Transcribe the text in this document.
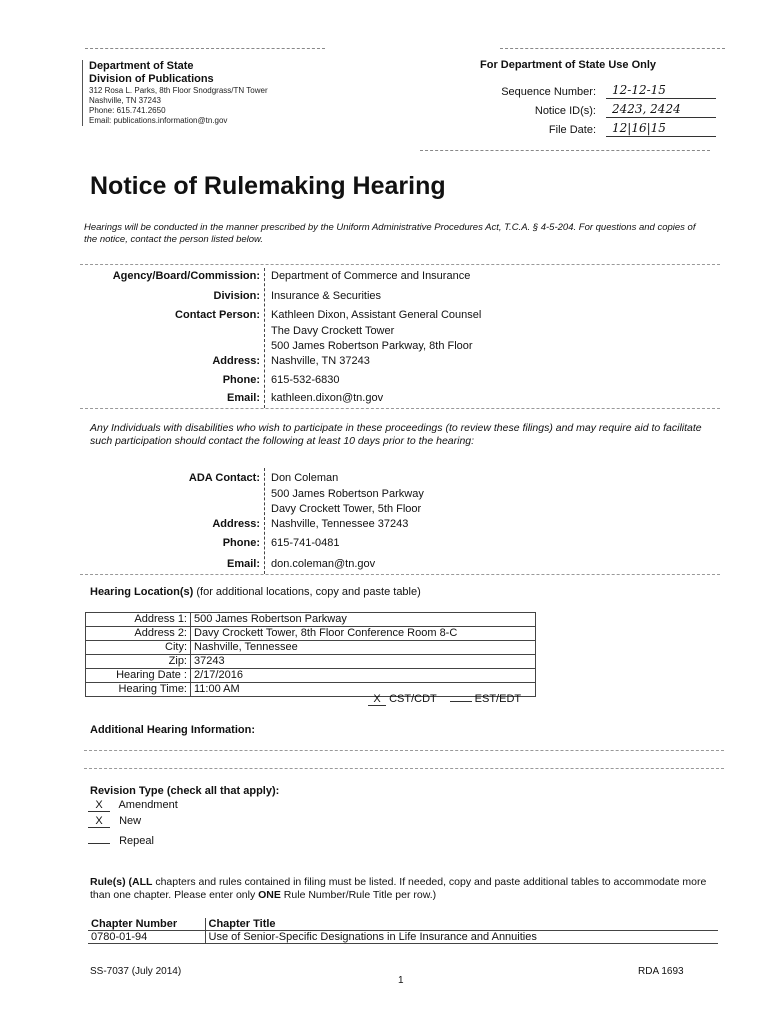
Department of State
Division of Publications
312 Rosa L. Parks, 8th Floor Snodgrass/TN Tower
Nashville, TN 37243
Phone: 615.741.2650
Email: publications.information@tn.gov
For Department of State Use Only
Sequence Number:	12-12-15
Notice ID(s):	2423, 2424
File Date:	12|16|15
Notice of Rulemaking Hearing
Hearings will be conducted in the manner prescribed by the Uniform Administrative Procedures Act, T.C.A. § 4-5-204. For questions and copies of the notice, contact the person listed below.
Agency/Board/Commission: Department of Commerce and Insurance
Division: Insurance & Securities
Contact Person: Kathleen Dixon, Assistant General Counsel
The Davy Crockett Tower
500 James Robertson Parkway, 8th Floor
Address: Nashville, TN 37243
Phone: 615-532-6830
Email: kathleen.dixon@tn.gov
Any Individuals with disabilities who wish to participate in these proceedings (to review these filings) and may require aid to facilitate such participation should contact the following at least 10 days prior to the hearing:
ADA Contact: Don Coleman
500 James Robertson Parkway
Davy Crockett Tower, 5th Floor
Address: Nashville, Tennessee 37243
Phone: 615-741-0481
Email: don.coleman@tn.gov
Hearing Location(s) (for additional locations, copy and paste table)
Address 1:	500 James Robertson Parkway
Address 2:	Davy Crockett Tower, 8th Floor Conference Room 8-C
City:	Nashville, Tennessee
Zip:	37243
Hearing Date :	2/17/2016
Hearing Time:	11:00 AM
X CST/CDT	EST/EDT
Additional Hearing Information:
Revision Type (check all that apply):
X Amendment
X New
Repeal
Rule(s) (ALL chapters and rules contained in filing must be listed. If needed, copy and paste additional tables to accommodate more than one chapter. Please enter only ONE Rule Number/Rule Title per row.)
Chapter Number	Chapter Title
0780-01-94	Use of Senior-Specific Designations in Life Insurance and Annuities
SS-7037 (July 2014)
1
RDA 1693
